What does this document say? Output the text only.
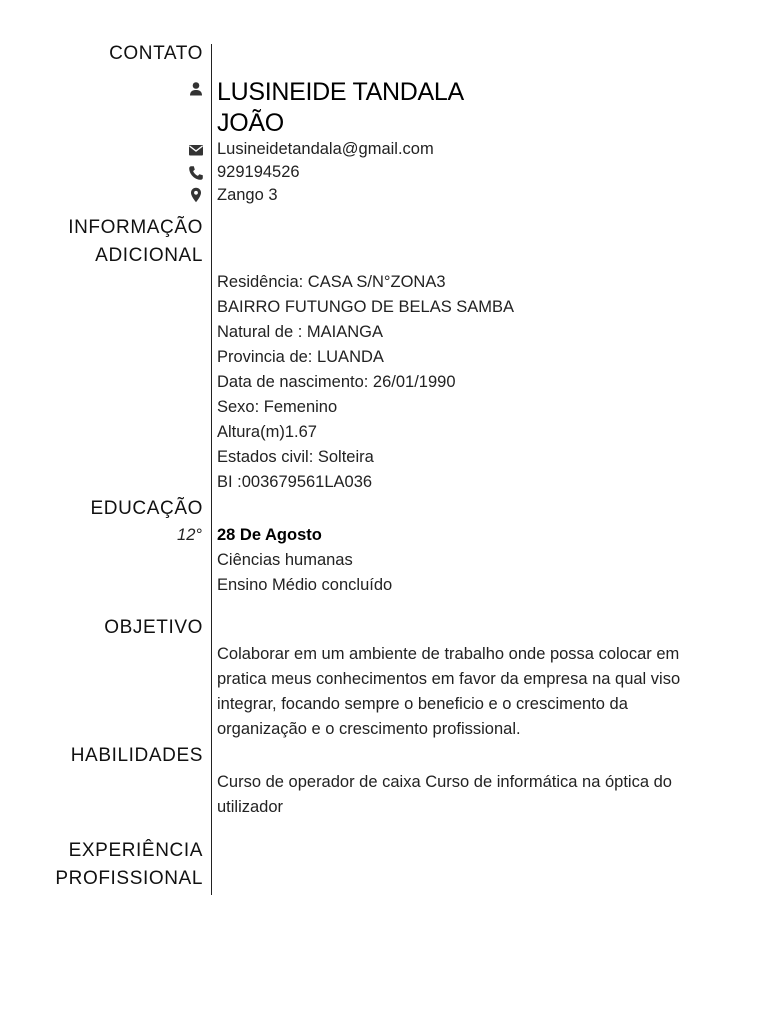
CONTATO
LUSINEIDE TANDALA
JOÃO
Lusineidetandala@gmail.com
929194526
Zango 3
INFORMAÇÃO
ADICIONAL
Residência: CASA S/N°ZONA3
BAIRRO FUTUNGO DE BELAS SAMBA
Natural de : MAIANGA
Provincia de: LUANDA
Data de nascimento: 26/01/1990
Sexo: Femenino
Altura(m)1.67
Estados civil: Solteira
BI :003679561LA036
EDUCAÇÃO
12° 28 De Agosto
Ciências humanas
Ensino Médio concluído
OBJETIVO
Colaborar em um ambiente de trabalho onde possa colocar em
pratica meus conhecimentos em favor da empresa na qual viso
integrar, focando sempre o beneficio e o crescimento da
organização e o crescimento profissional.
HABILIDADES
Curso de operador de caixa Curso de informática na óptica do
utilizador
EXPERIÊNCIA
PROFISSIONAL
